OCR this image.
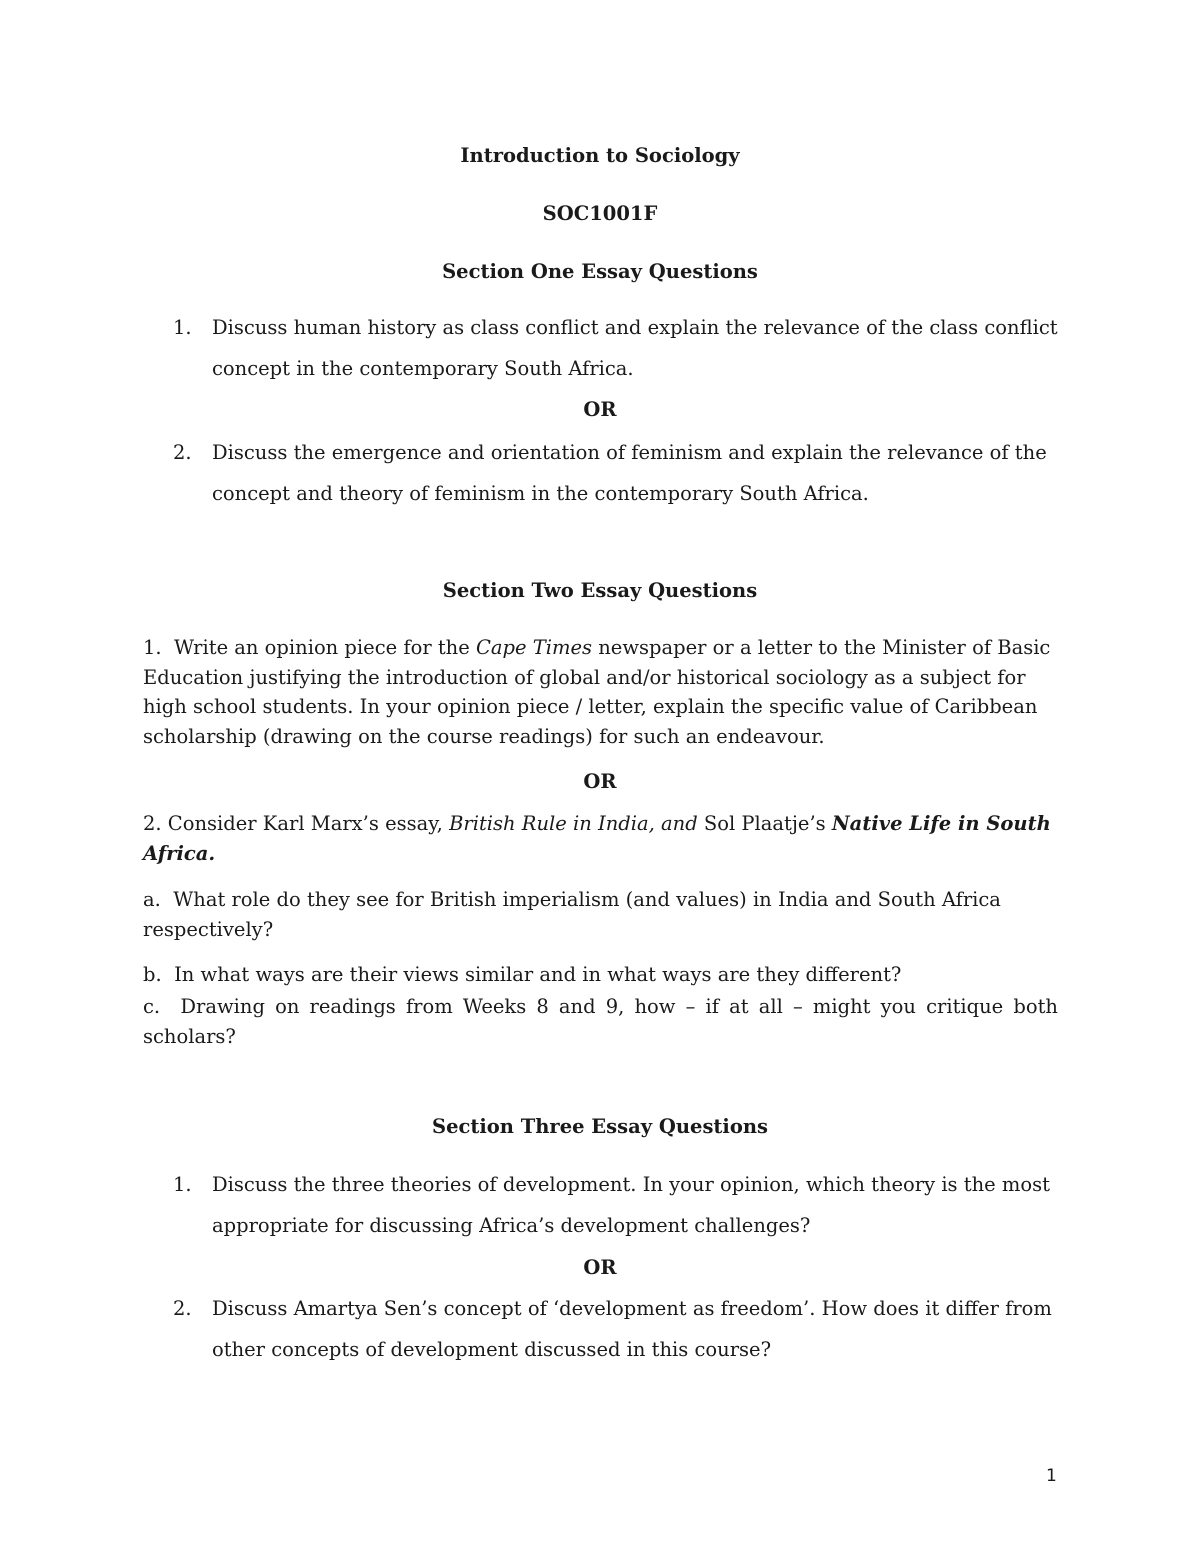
Introduction to Sociology
SOC1001F
Section One Essay Questions
1. Discuss human history as class conflict and explain the relevance of the class conflict
concept in the contemporary South Africa.
OR
2. Discuss the emergence and orientation of feminism and explain the relevance of the
concept and theory of feminism in the contemporary South Africa.
Section Two Essay Questions
1.  Write an opinion piece for the Cape Times newspaper or a letter to the Minister of Basic Education justifying the introduction of global and/or historical sociology as a subject for high school students. In your opinion piece / letter, explain the specific value of Caribbean scholarship (drawing on the course readings) for such an endeavour.
OR
2. Consider Karl Marx’s essay, British Rule in India, and Sol Plaatje’s Native Life in South Africa.
a.  What role do they see for British imperialism (and values) in India and South Africa respectively?
b.  In what ways are their views similar and in what ways are they different?
c.  Drawing on readings from Weeks 8 and 9, how – if at all – might you critique both
scholars?
Section Three Essay Questions
1. Discuss the three theories of development. In your opinion, which theory is the most
appropriate for discussing Africa’s development challenges?
OR
2. Discuss Amartya Sen’s concept of ‘development as freedom’. How does it differ from
other concepts of development discussed in this course?
1
